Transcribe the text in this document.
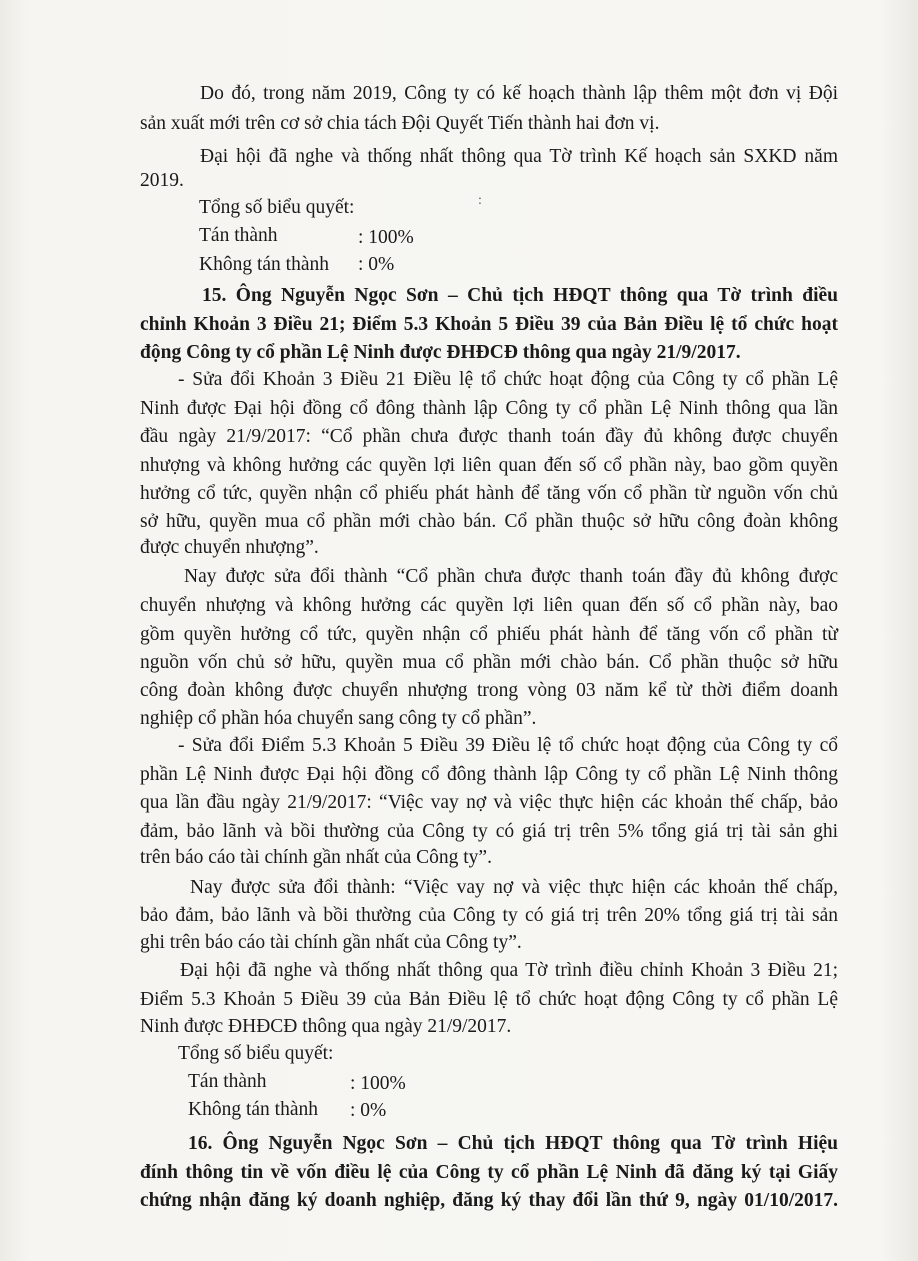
Do đó, trong năm 2019, Công ty có kế hoạch thành lập thêm một đơn vị Đội
sản xuất mới trên cơ sở chia tách Đội Quyết Tiến thành hai đơn vị.
Đại hội đã nghe và thống nhất thông qua Tờ trình Kế hoạch sản SXKD năm
2019.
Tổng số biểu quyết:	:
Tán thành	: 100%
Không tán thành : 0%
15. Ông Nguyễn Ngọc Sơn – Chủ tịch HĐQT thông qua Tờ trình điều
chỉnh Khoản 3 Điều 21; Điểm 5.3 Khoản 5 Điều 39 của Bản Điều lệ tổ chức hoạt
động Công ty cổ phần Lệ Ninh được ĐHĐCĐ thông qua ngày 21/9/2017.
- Sửa đổi Khoản 3 Điều 21 Điều lệ tổ chức hoạt động của Công ty cổ phần Lệ
Ninh được Đại hội đồng cổ đông thành lập Công ty cổ phần Lệ Ninh thông qua lần
đầu ngày 21/9/2017: “Cổ phần chưa được thanh toán đầy đủ không được chuyển
nhượng và không hưởng các quyền lợi liên quan đến số cổ phần này, bao gồm quyền
hưởng cổ tức, quyền nhận cổ phiếu phát hành để tăng vốn cổ phần từ nguồn vốn chủ
sở hữu, quyền mua cổ phần mới chào bán. Cổ phần thuộc sở hữu công đoàn không
được chuyển nhượng”.
Nay được sửa đổi thành “Cổ phần chưa được thanh toán đầy đủ không được
chuyển nhượng và không hưởng các quyền lợi liên quan đến số cổ phần này, bao
gồm quyền hưởng cổ tức, quyền nhận cổ phiếu phát hành để tăng vốn cổ phần từ
nguồn vốn chủ sở hữu, quyền mua cổ phần mới chào bán. Cổ phần thuộc sở hữu
công đoàn không được chuyển nhượng trong vòng 03 năm kể từ thời điểm doanh
nghiệp cổ phần hóa chuyển sang công ty cổ phần”.
- Sửa đổi Điểm 5.3 Khoản 5 Điều 39 Điều lệ tổ chức hoạt động của Công ty cổ
phần Lệ Ninh được Đại hội đồng cổ đông thành lập Công ty cổ phần Lệ Ninh thông
qua lần đầu ngày 21/9/2017: “Việc vay nợ và việc thực hiện các khoản thế chấp, bảo
đảm, bảo lãnh và bồi thường của Công ty có giá trị trên 5% tổng giá trị tài sản ghi
trên báo cáo tài chính gần nhất của Công ty”.
Nay được sửa đổi thành: “Việc vay nợ và việc thực hiện các khoản thế chấp,
bảo đảm, bảo lãnh và bồi thường của Công ty có giá trị trên 20% tổng giá trị tài sản
ghi trên báo cáo tài chính gần nhất của Công ty”.
Đại hội đã nghe và thống nhất thông qua Tờ trình điều chỉnh Khoản 3 Điều 21;
Điểm 5.3 Khoản 5 Điều 39 của Bản Điều lệ tổ chức hoạt động Công ty cổ phần Lệ
Ninh được ĐHĐCĐ thông qua ngày 21/9/2017.
Tổng số biểu quyết:
Tán thành	: 100%
Không tán thành : 0%
16. Ông Nguyễn Ngọc Sơn – Chủ tịch HĐQT thông qua Tờ trình Hiệu
đính thông tin về vốn điều lệ của Công ty cổ phần Lệ Ninh đã đăng ký tại Giấy
chứng nhận đăng ký doanh nghiệp, đăng ký thay đổi lần thứ 9, ngày 01/10/2017.
